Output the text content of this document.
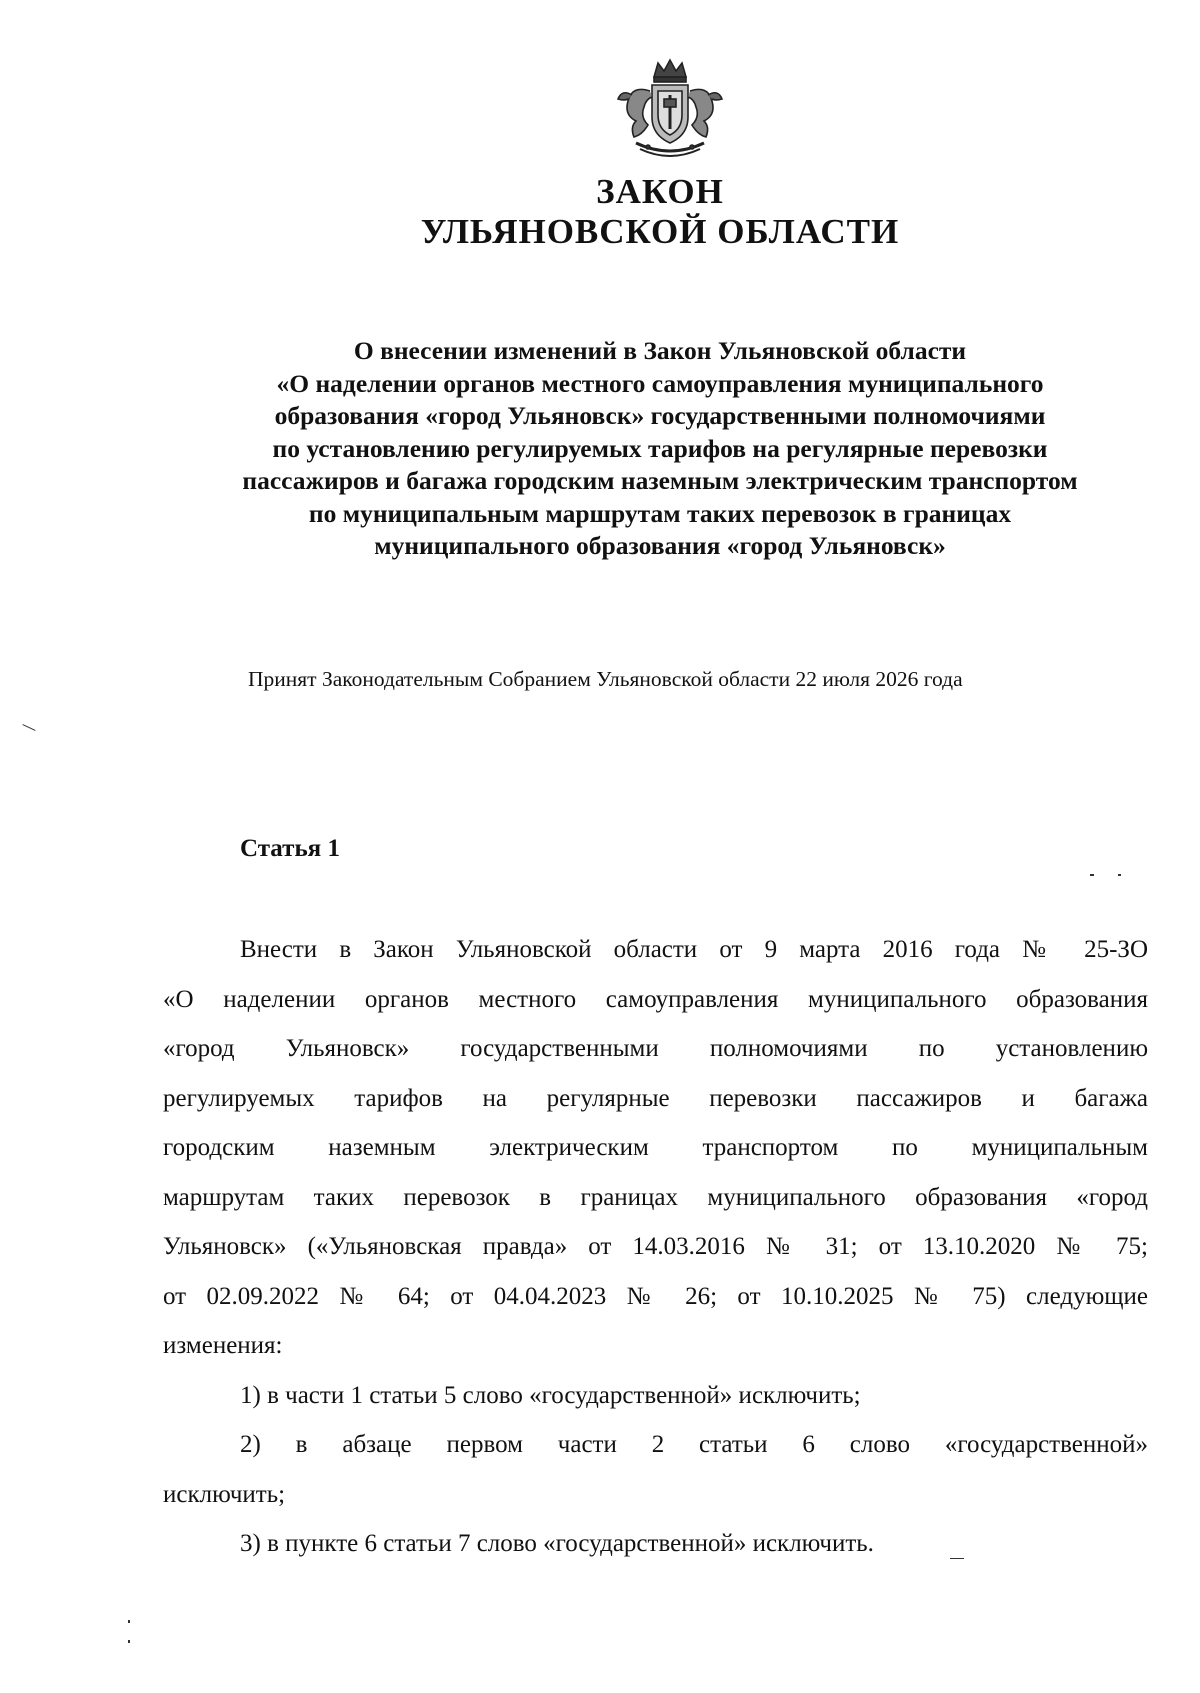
ЗАКОН
УЛЬЯНОВСКОЙ ОБЛАСТИ
О внесении изменений в Закон Ульяновской области
«О наделении органов местного самоуправления муниципального
образования «город Ульяновск» государственными полномочиями
по установлению регулируемых тарифов на регулярные перевозки
пассажиров и багажа городским наземным электрическим транспортом
по муниципальным маршрутам таких перевозок в границах
муниципального образования «город Ульяновск»
Принят Законодательным Собранием Ульяновской области 22 июля 2026 года
Статья 1
Внести в Закон Ульяновской области от 9 марта 2016 года № 25-ЗО
«О наделении органов местного самоуправления муниципального образования
«город Ульяновск» государственными полномочиями по установлению
регулируемых тарифов на регулярные перевозки пассажиров и багажа
городским наземным электрическим транспортом по муниципальным
маршрутам таких перевозок в границах муниципального образования «город
Ульяновск» («Ульяновская правда» от 14.03.2016 № 31; от 13.10.2020 № 75;
от 02.09.2022 № 64; от 04.04.2023 № 26; от 10.10.2025 № 75) следующие
изменения:
1) в части 1 статьи 5 слово «государственной» исключить;
2) в абзаце первом части 2 статьи 6 слово «государственной»
исключить;
3) в пункте 6 статьи 7 слово «государственной» исключить.
